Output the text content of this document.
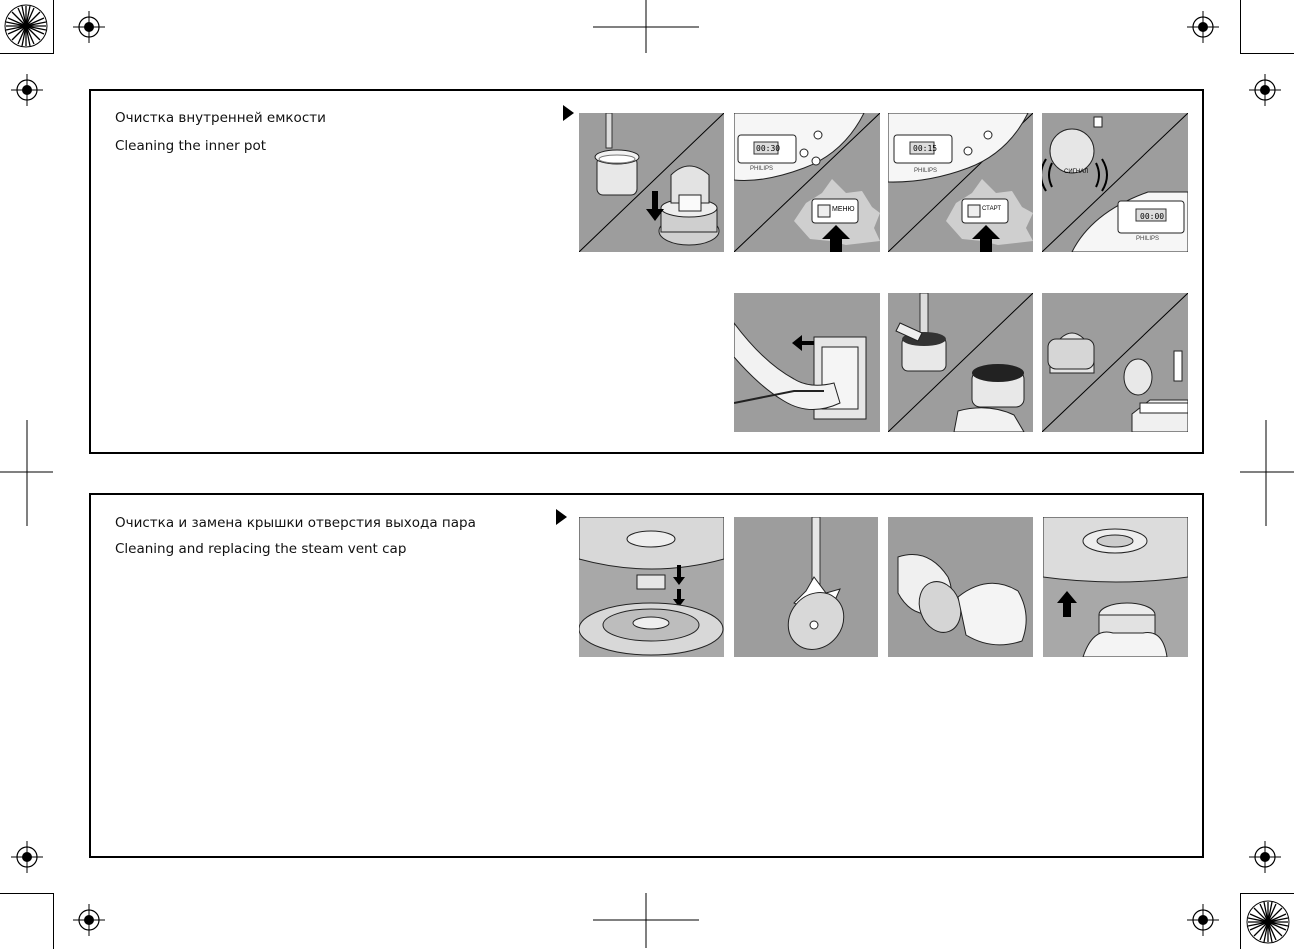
Очистка внутренней емкости
Cleaning the inner pot	00:30
МЕНЮ
PHILIPS
00:15
СТАРТ
PHILIPS	СИГНАЛ
00:00
PHILIPS
Очистка и замена крышки отверстия выхода пара
Cleaning and replacing the steam vent cap
